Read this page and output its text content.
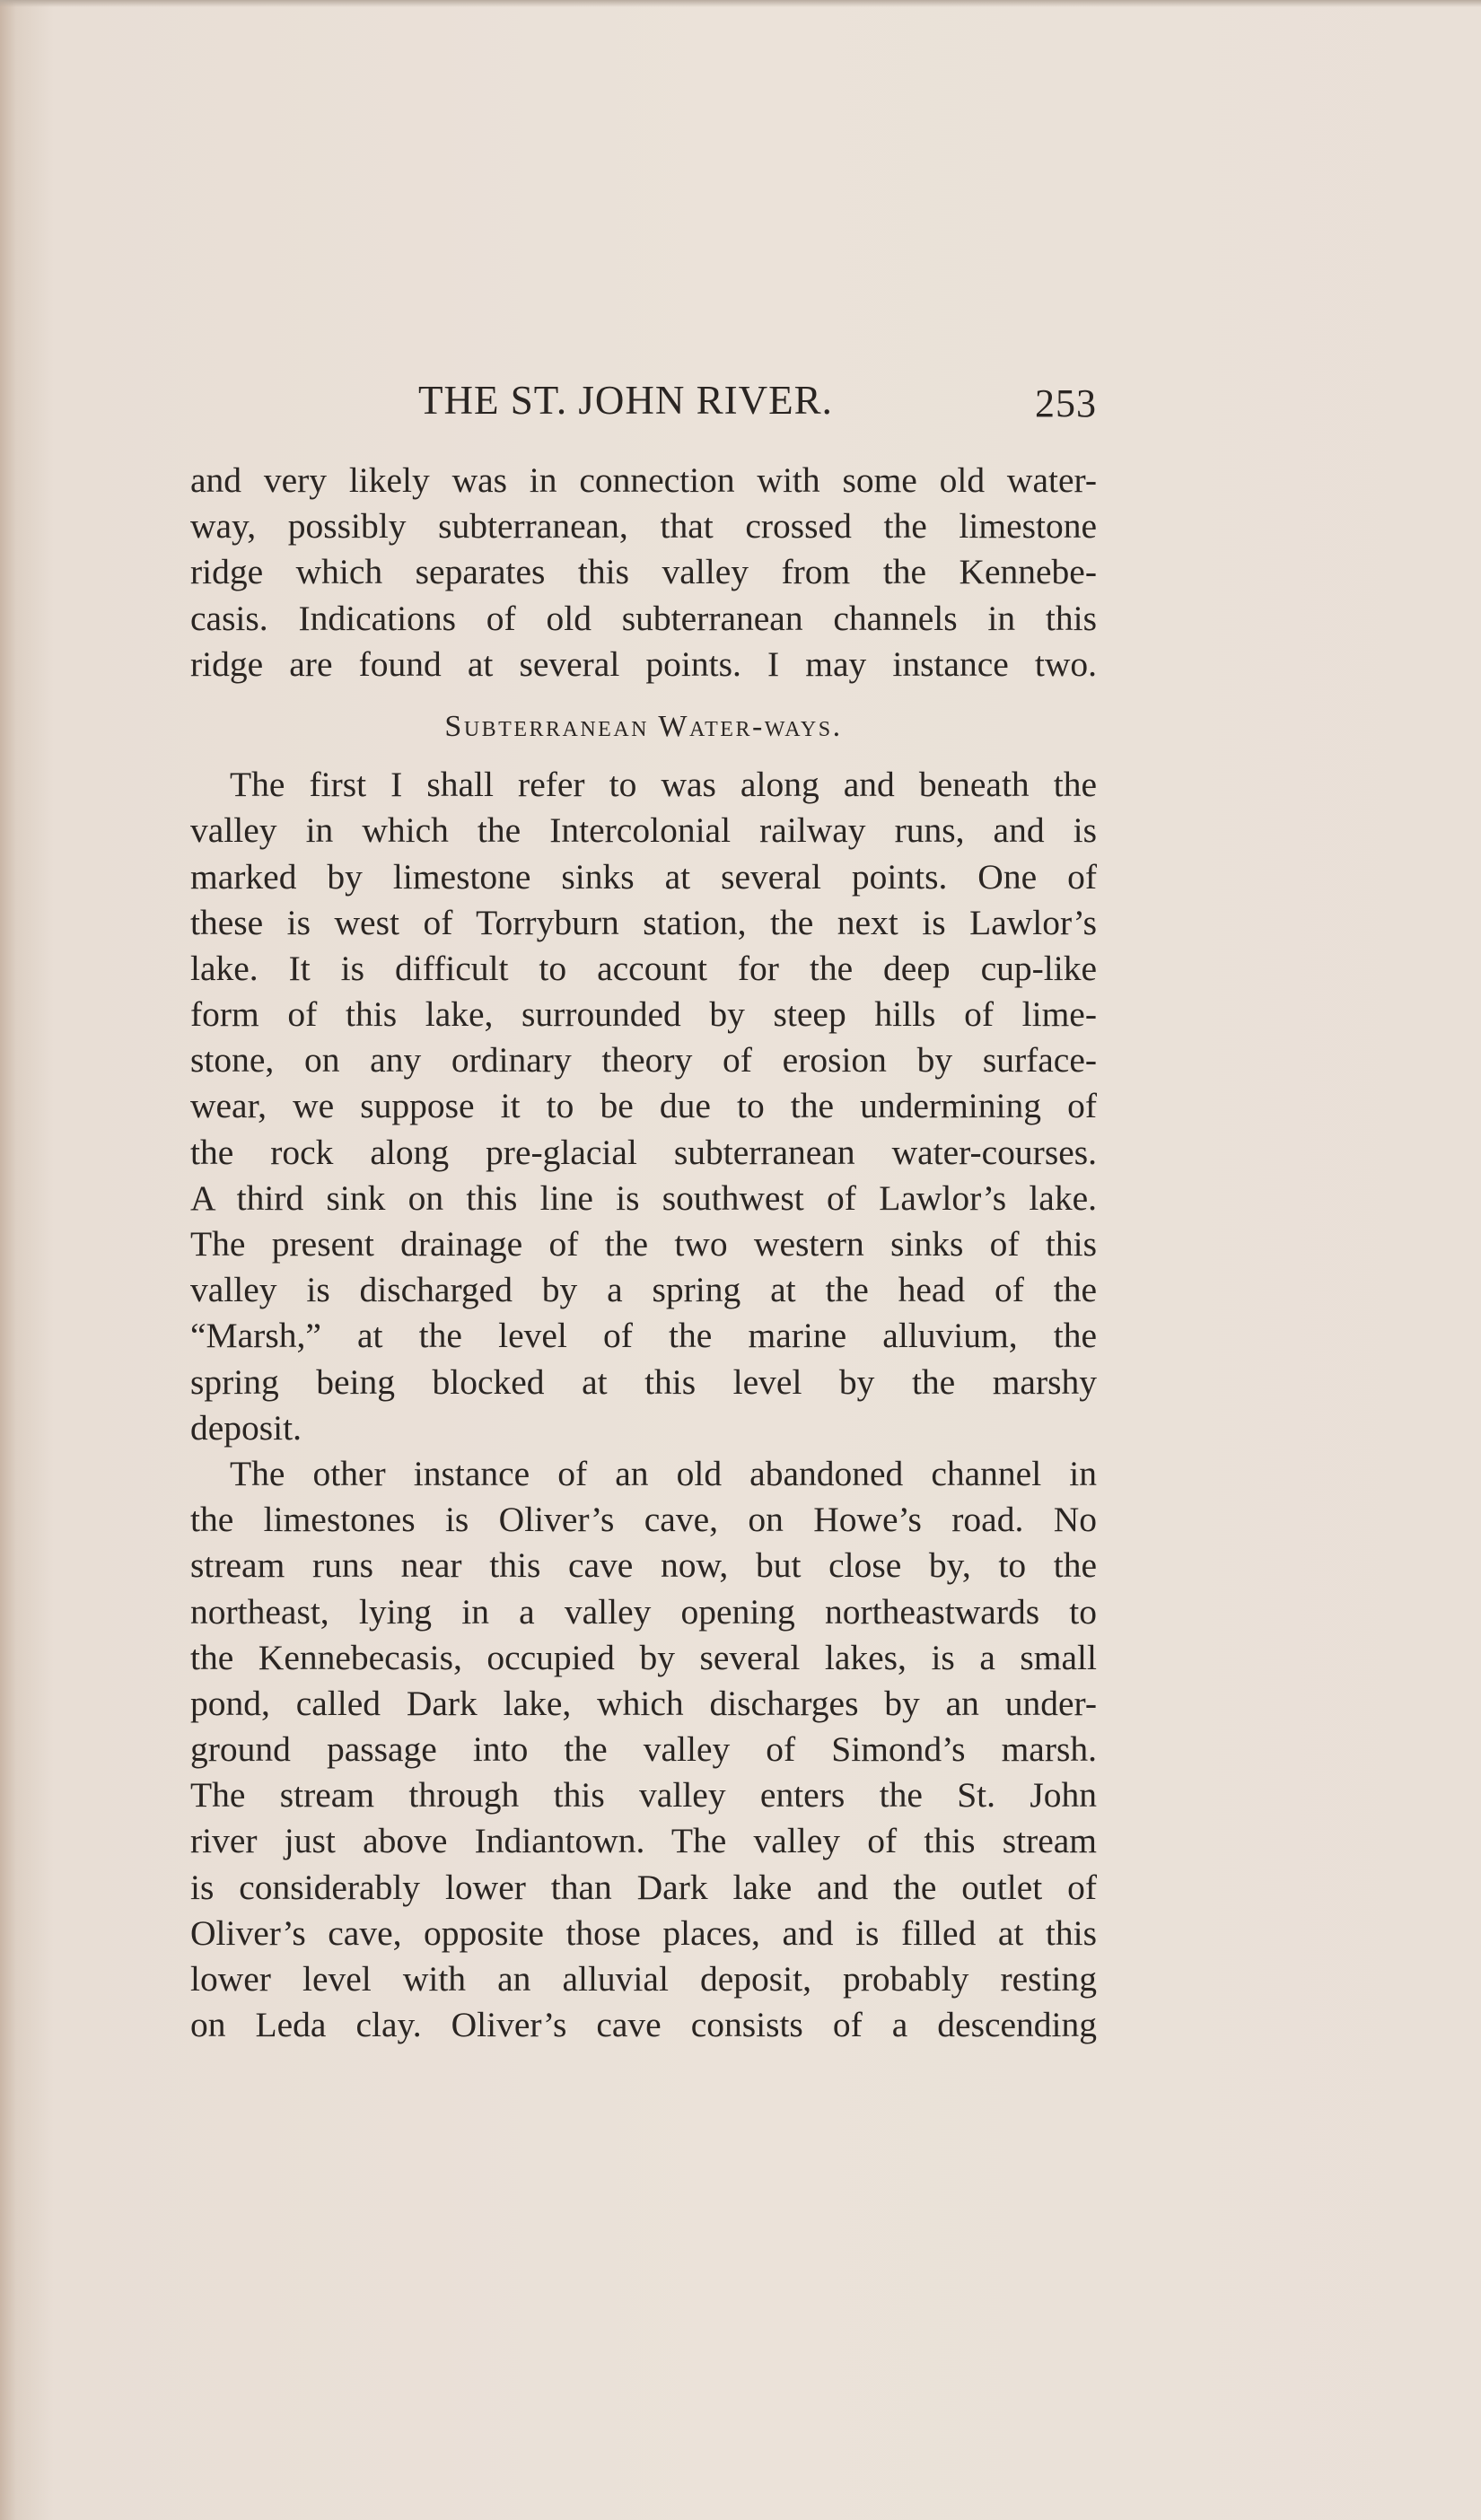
THE ST. JOHN RIVER.	253
and very likely was in connection with some old water-
way, possibly subterranean, that crossed the limestone
ridge which separates this valley from the Kennebe-
casis. Indications of old subterranean channels in this
ridge are found at several points. I may instance two.
Subterranean Water-ways.
The first I shall refer to was along and beneath the
valley in which the Intercolonial railway runs, and is
marked by limestone sinks at several points. One of
these is west of Torryburn station, the next is Lawlor’s
lake. It is difficult to account for the deep cup-like
form of this lake, surrounded by steep hills of lime-
stone, on any ordinary theory of erosion by surface-
wear, we suppose it to be due to the undermining of
the rock along pre-glacial subterranean water-courses.
A third sink on this line is southwest of Lawlor’s lake.
The present drainage of the two western sinks of this
valley is discharged by a spring at the head of the
“Marsh,” at the level of the marine alluvium, the
spring being blocked at this level by the marshy
deposit.
The other instance of an old abandoned channel in
the limestones is Oliver’s cave, on Howe’s road. No
stream runs near this cave now, but close by, to the
northeast, lying in a valley opening northeastwards to
the Kennebecasis, occupied by several lakes, is a small
pond, called Dark lake, which discharges by an under-
ground passage into the valley of Simond’s marsh.
The stream through this valley enters the St. John
river just above Indiantown. The valley of this stream
is considerably lower than Dark lake and the outlet of
Oliver’s cave, opposite those places, and is filled at this
lower level with an alluvial deposit, probably resting
on Leda clay. Oliver’s cave consists of a descending
